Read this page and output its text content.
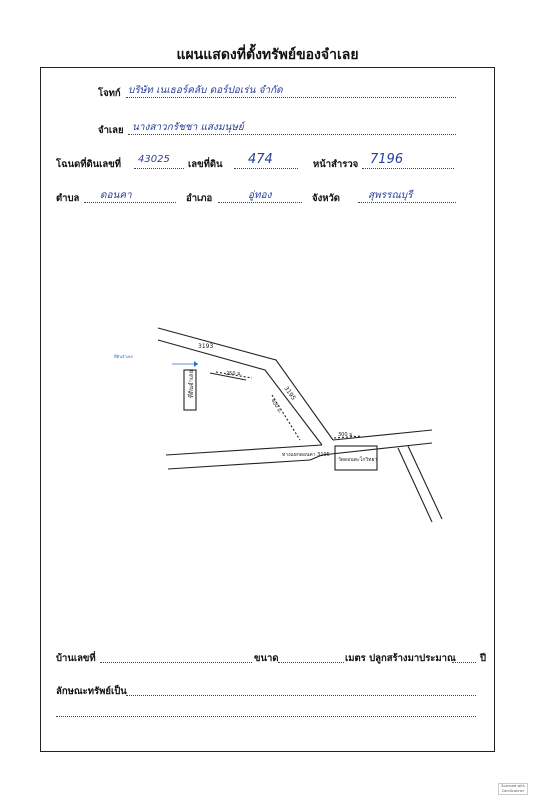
แผนแสดงที่ตั้งทรัพย์ของจำเลย
โจทก์ บริษัท เนเธอร์คลับ ดอร์ปอเร่น จำกัด
จำเลย นางสาวกรัชชา แสงมนุษย์
โฉนดที่ดินเลขที่ 43025 เลขที่ดิน 474	หน้าสำรวจ 7196
ตำบล ดอนคา	อำเภอ	อู่ทอง	จังหวัด	สุพรรณบุรี
ที่ดินจำเลย
3193
3195
ที่ดินจำเลย	250 ม.
400 ม.
300 ม.
ทางแยกดอนคา 3195
วัดดอนตะโกวิทยา
บ้านเลขที่	ขนาด	เมตร ปลูกสร้างมาประมาณ	ปี
ลักษณะทรัพย์เป็น
Scanned with CamScanner
